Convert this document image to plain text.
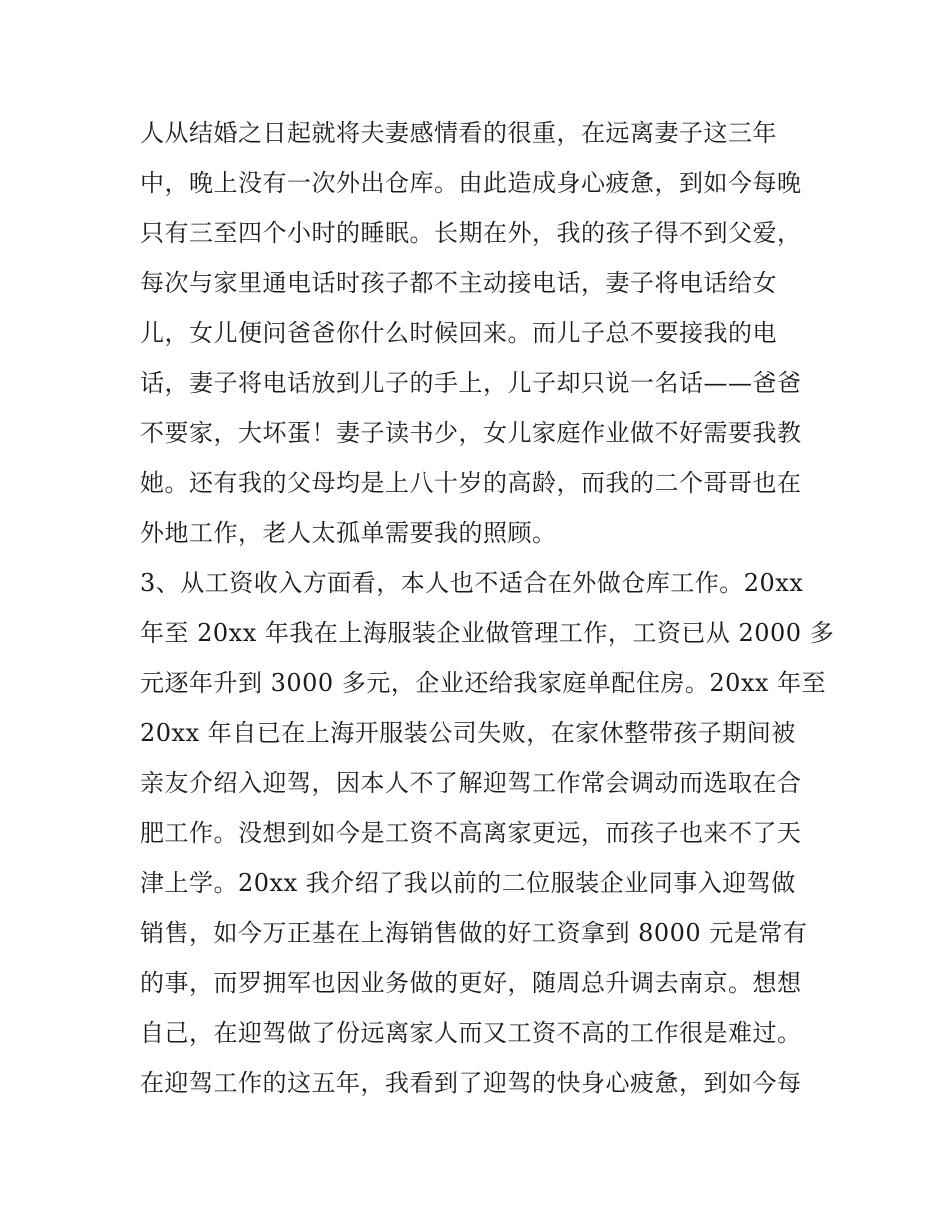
人从结婚之日起就将夫妻感情看的很重，在远离妻子这三年
中，晚上没有一次外出仓库。由此造成身心疲惫，到如今每晚
只有三至四个小时的睡眠。长期在外，我的孩子得不到父爱，
每次与家里通电话时孩子都不主动接电话，妻子将电话给女
儿，女儿便问爸爸你什么时候回来。而儿子总不要接我的电
话，妻子将电话放到儿子的手上，儿子却只说一名话——爸爸
不要家，大坏蛋！妻子读书少，女儿家庭作业做不好需要我教
她。还有我的父母均是上八十岁的高龄，而我的二个哥哥也在
外地工作，老人太孤单需要我的照顾。
3、从工资收入方面看，本人也不适合在外做仓库工作。20xx
年至 20xx 年我在上海服装企业做管理工作，工资已从 2000 多
元逐年升到 3000 多元，企业还给我家庭单配住房。20xx 年至
20xx 年自已在上海开服装公司失败，在家休整带孩子期间被
亲友介绍入迎驾，因本人不了解迎驾工作常会调动而选取在合
肥工作。没想到如今是工资不高离家更远，而孩子也来不了天
津上学。20xx 我介绍了我以前的二位服装企业同事入迎驾做
销售，如今万正基在上海销售做的好工资拿到 8000 元是常有
的事，而罗拥军也因业务做的更好，随周总升调去南京。想想
自己，在迎驾做了份远离家人而又工资不高的工作很是难过。
在迎驾工作的这五年，我看到了迎驾的快身心疲惫，到如今每
